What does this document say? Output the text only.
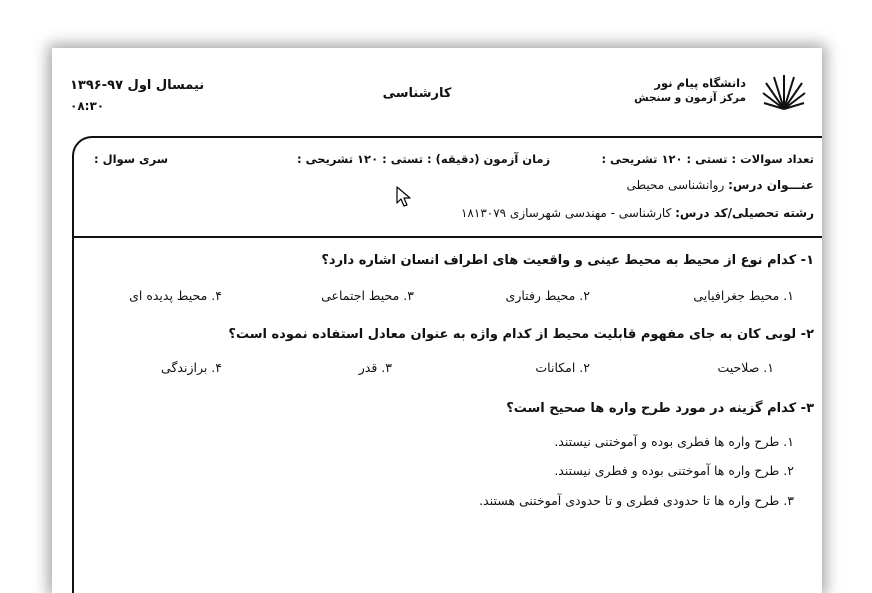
نیمسال اول ۹۷-۱۳۹۶
۰۸:۳۰
کارشناسی
دانشگاه پیام نور
مرکز آزمون و سنجش
سری سوال :	زمان آزمون (دقیقه) : تستی : ۱۲۰ تشریحی :	تعداد سوالات : تستی : ۱۲۰ تشریحی :
عنـــوان درس: روانشناسی محیطی
رشته تحصیلی/کد درس: کارشناسی - مهندسی شهرسازی ۱۸۱۳۰۷۹
۱- کدام نوع از محیط به محیط عینی و واقعیت های اطراف انسان اشاره دارد؟
۱. محیط جغرافیایی
۲. محیط رفتاری
۳. محیط اجتماعی
۴. محیط پدیده ای
۲- لوبی کان به جای مفهوم قابلیت محیط از کدام واژه به عنوان معادل استفاده نموده است؟
۱. صلاحیت
۲. امکانات
۳. قدر
۴. برازندگی
۳- کدام گزینه در مورد طرح واره ها صحیح است؟
۱. طرح واره ها فطری بوده و آموختنی نیستند.
۲. طرح واره ها آموختنی بوده و فطری نیستند.
۳. طرح واره ها تا حدودی فطری و تا حدودی آموختنی هستند.
